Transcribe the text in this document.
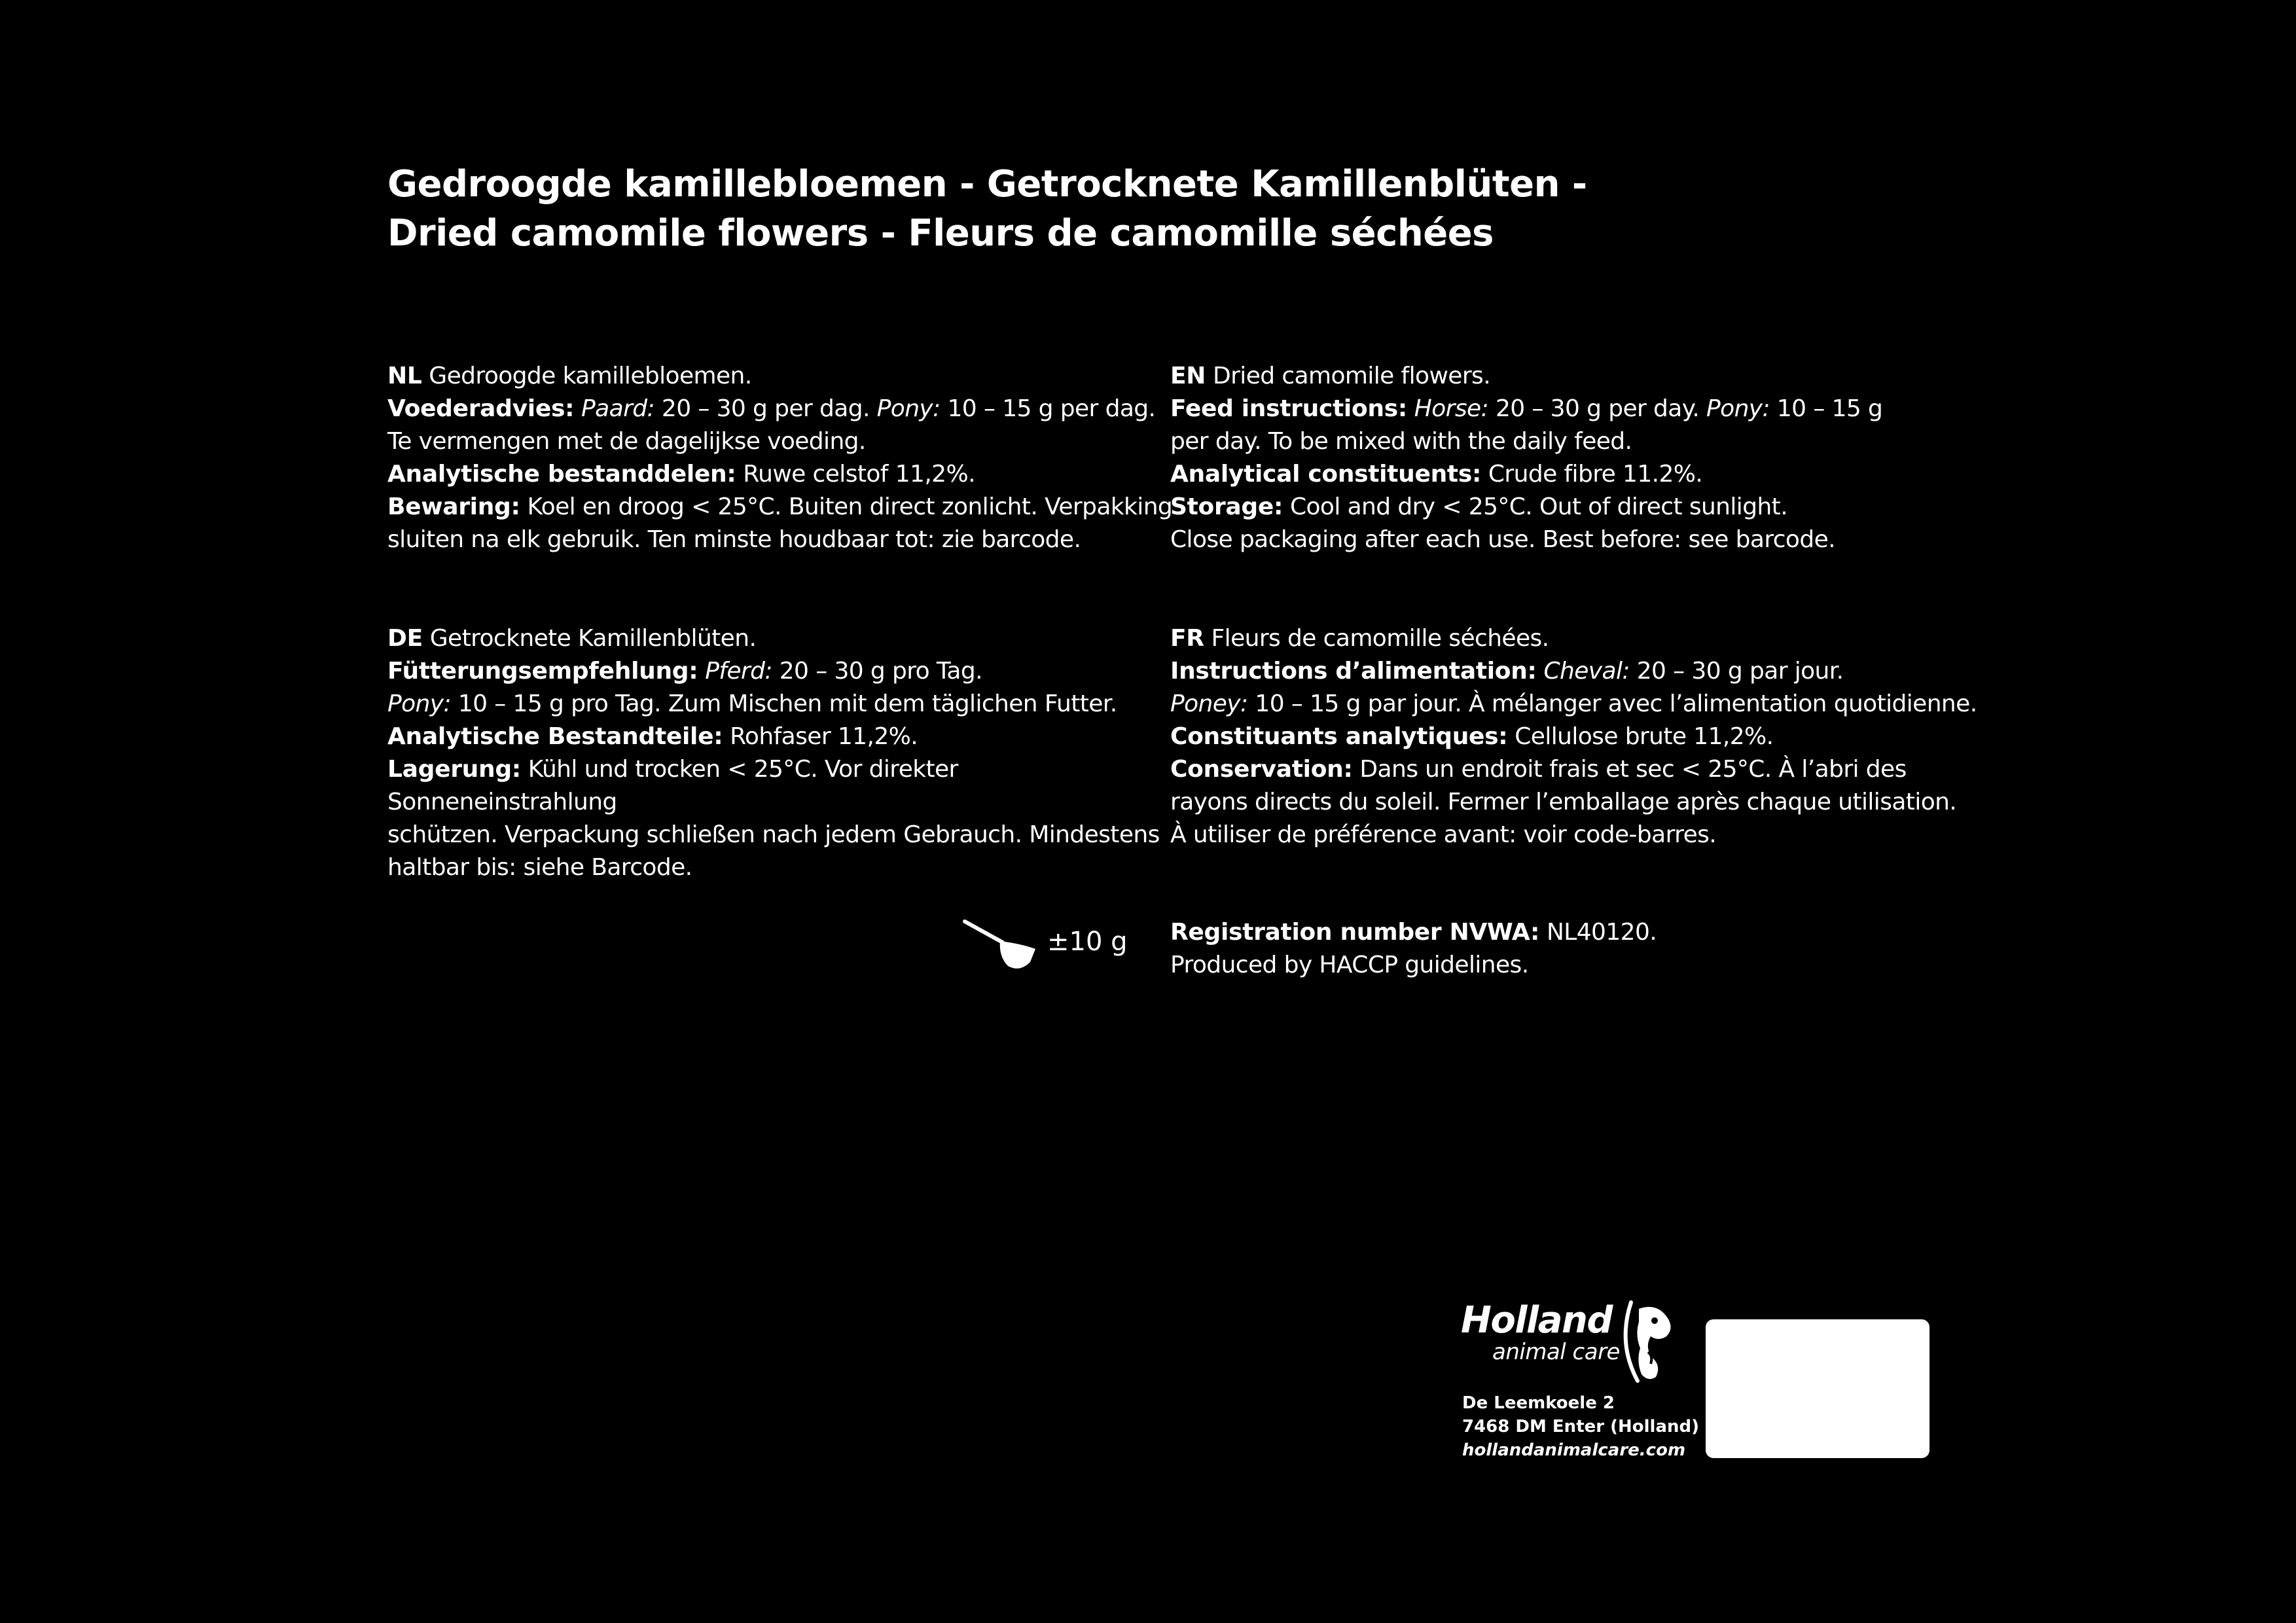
Gedroogde kamillebloemen - Getrocknete Kamillenblüten -
Dried camomile flowers - Fleurs de camomille séchées

NL Gedroogde kamillebloemen.

Voederadvies: Paard: 20 – 30 g per dag. Pony: 10 – 15 g per dag.

Te vermengen met de dagelijkse voeding.

Analytische bestanddelen: Ruwe celstof 11,2%.

Bewaring: Koel en droog < 25°C. Buiten direct zonlicht. Verpakking

sluiten na elk gebruik. Ten minste houdbaar tot: zie barcode.

EN Dried camomile flowers.

Feed instructions: Horse: 20 – 30 g per day. Pony: 10 – 15 g

per day. To be mixed with the daily feed.

Analytical constituents: Crude fibre 11.2%.

Storage: Cool and dry < 25°C. Out of direct sunlight.

Close packaging after each use. Best before: see barcode.

DE Getrocknete Kamillenblüten.

Fütterungsempfehlung: Pferd: 20 – 30 g pro Tag.

Pony: 10 – 15 g pro Tag. Zum Mischen mit dem täglichen Futter.

Analytische Bestandteile: Rohfaser 11,2%.

Lagerung: Kühl und trocken < 25°C. Vor direkter Sonneneinstrahlung

schützen. Verpackung schließen nach jedem Gebrauch. Mindestens

haltbar bis: siehe Barcode.

FR Fleurs de camomille séchées.

Instructions d’alimentation: Cheval: 20 – 30 g par jour.

Poney: 10 – 15 g par jour. À mélanger avec l’alimentation quotidienne.

Constituants analytiques: Cellulose brute 11,2%.

Conservation: Dans un endroit frais et sec < 25°C. À l’abri des

rayons directs du soleil. Fermer l’emballage après chaque utilisation.

À utiliser de préférence avant: voir code-barres.

±10 g Registration number NVWA: NL40120.

Produced by HACCP guidelines.

Holland
animal care
De Leemkoele 2
7468 DM Enter (Holland)
hollandanimalcare.com
